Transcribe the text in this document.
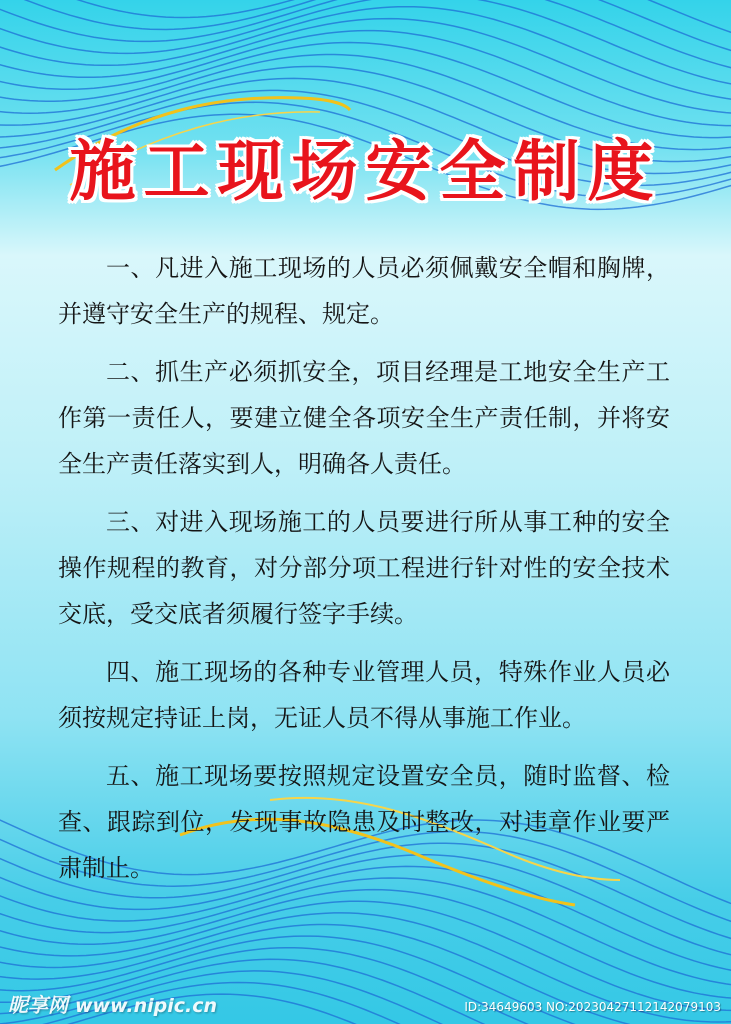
施工现场安全制度

一、凡进入施工现场的人员必须佩戴安全帽和胸牌，并遵守安全生产的规程、规定。

二、抓生产必须抓安全，项目经理是工地安全生产工作第一责任人，要建立健全各项安全生产责任制，并将安全生产责任落实到人，明确各人责任。

三、对进入现场施工的人员要进行所从事工种的安全操作规程的教育，对分部分项工程进行针对性的安全技术交底，受交底者须履行签字手续。

四、施工现场的各种专业管理人员，特殊作业人员必须按规定持证上岗，无证人员不得从事施工作业。

五、施工现场要按照规定设置安全员，随时监督、检查、跟踪到位，发现事故隐患及时整改，对违章作业要严肃制止。

昵享网 www.nipic.cn	ID:34649603 NO:20230427112142079103
